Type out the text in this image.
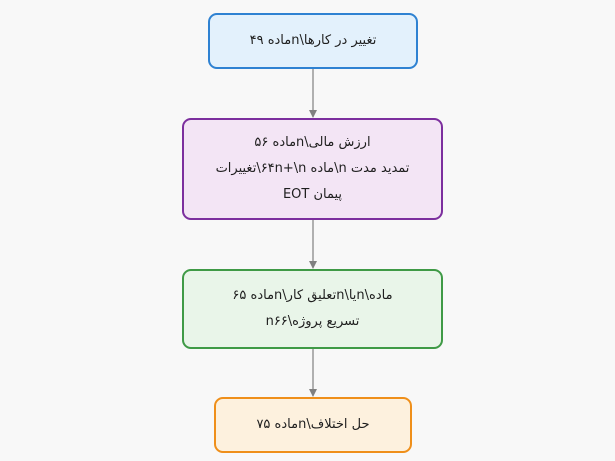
تغییر در کارها\nماده ۴۹
ارزش مالی\nماده ۵۶
تمدید مدت n\ماده ۶۴n+\n\تغییرات
EOT پیمان
ماده\nیا\nتعلیق کار\nماده ۶۵
تسریع پروژه\n۶۶
حل اختلاف\nماده ۷۵
